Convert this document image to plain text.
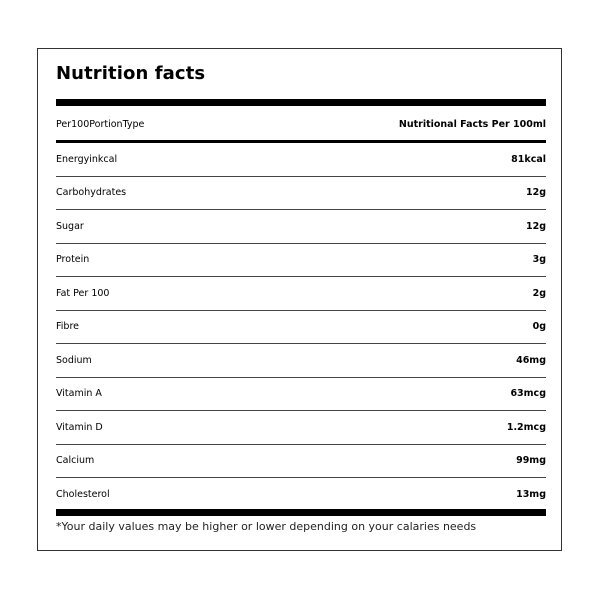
Nutrition facts
Per100PortionType	Nutritional Facts Per 100ml
Energyinkcal	81kcal
Carbohydrates	12g
Sugar	12g
Protein	3g
Fat Per 100	2g
Fibre	0g
Sodium	46mg
Vitamin A	63mcg
Vitamin D	1.2mcg
Calcium	99mg
Cholesterol	13mg
*Your daily values may be higher or lower depending on your calaries needs
